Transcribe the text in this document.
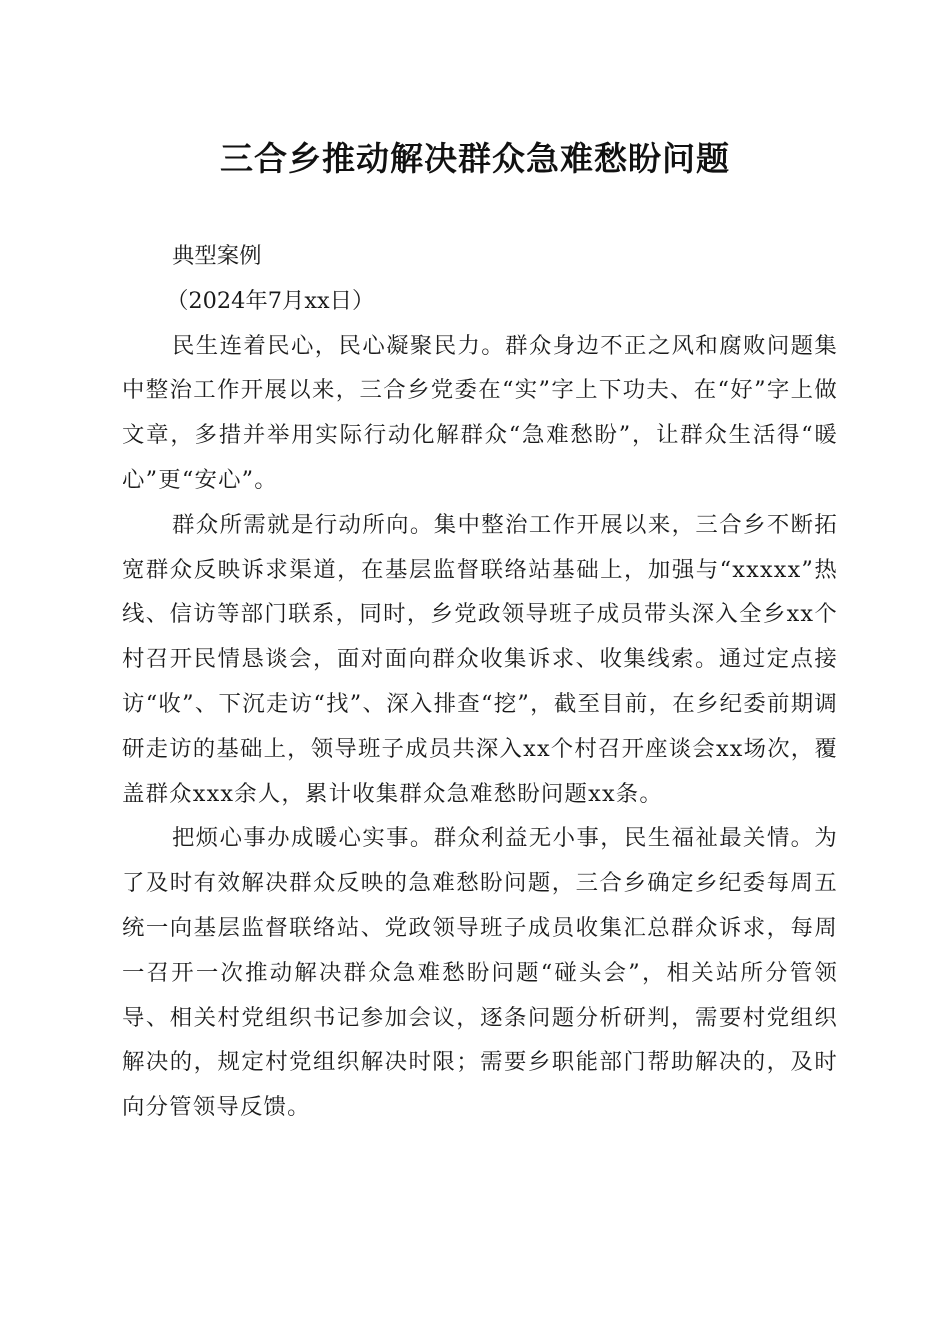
三合乡推动解决群众急难愁盼问题

典型案例

（2024年7月xx日）

民生连着民心，民心凝聚民力。群众身边不正之风和腐败问题集中整治工作开展以来，三合乡党委在“实”字上下功夫、在“好”字上做文章，多措并举用实际行动化解群众“急难愁盼”，让群众生活得“暖心”更“安心”。

群众所需就是行动所向。集中整治工作开展以来，三合乡不断拓宽群众反映诉求渠道，在基层监督联络站基础上，加强与“xxxxx”热线、信访等部门联系，同时，乡党政领导班子成员带头深入全乡xx个村召开民情恳谈会，面对面向群众收集诉求、收集线索。通过定点接访“收”、下沉走访“找”、深入排查“挖”，截至目前，在乡纪委前期调研走访的基础上，领导班子成员共深入xx个村召开座谈会xx场次，覆盖群众xxx余人，累计收集群众急难愁盼问题xx条。

把烦心事办成暖心实事。群众利益无小事，民生福祉最关情。为了及时有效解决群众反映的急难愁盼问题，三合乡确定乡纪委每周五统一向基层监督联络站、党政领导班子成员收集汇总群众诉求，每周一召开一次推动解决群众急难愁盼问题“碰头会”，相关站所分管领导、相关村党组织书记参加会议，逐条问题分析研判，需要村党组织解决的，规定村党组织解决时限；需要乡职能部门帮助解决的，及时向分管领导反馈。
